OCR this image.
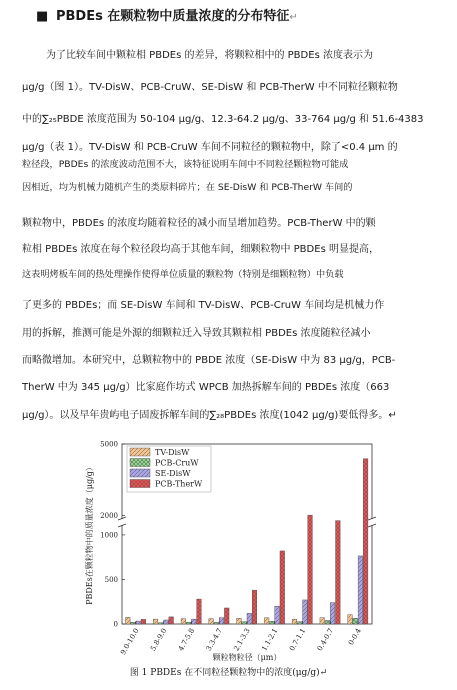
■ PBDEs 在颗粒物中质量浓度的分布特征↵
为了比较车间中颗粒相 PBDEs 的差异，将颗粒相中的 PBDEs 浓度表示为
μg/g（图 1）。TV-DisW、PCB-CruW、SE-DisW 和 PCB-TherW 中不同粒径颗粒物
中的∑₂₅PBDE 浓度范围为 50-104 μg/g、12.3-64.2 μg/g、33-764 μg/g 和 51.6-4383
μg/g（表 1）。TV-DisW 和 PCB-CruW 车间不同粒径的颗粒物中，除了<0.4 μm 的
粒径段，PBDEs 的浓度波动范围不大，该特征说明车间中不同粒径颗粒物可能成
因相近，均为机械力随机产生的类原料碎片；在 SE-DisW 和 PCB-TherW 车间的
颗粒物中，PBDEs 的浓度均随着粒径的减小而呈增加趋势。PCB-TherW 中的颗
粒相 PBDEs 浓度在每个粒径段均高于其他车间，细颗粒物中 PBDEs 明显提高，
这表明烤板车间的热处理操作使得单位质量的颗粒物（特别是细颗粒物）中负载
了更多的 PBDEs；而 SE-DisW 车间和 TV-DisW、PCB-CruW 车间均是机械力作
用的拆解，推测可能是外源的细颗粒迁入导致其颗粒相 PBDEs 浓度随粒径减小
而略微增加。本研究中，总颗粒物中的 PBDE 浓度（SE-DisW 中为 83 μg/g，PCB-
TherW 中为 345 μg/g）比家庭作坊式 WPCB 加热拆解车间的 PBDEs 浓度（663
μg/g）。以及早年贵屿电子固废拆解车间的∑₂₈PBDEs 浓度(1042 μg/g)要低得多。↵
0
500
1000
2000
5000
PBDEs在颗粒物中的质量浓度（μg/g）
9.0-10.0 5.8-9.0 4.7-5.8 3.3-4.7 2.1-3.3 1.1-2.1 0.7-1.1 0.4-0.7 0-0.4
颗粒物粒径（μm）
TV-DisW
PCB-CruW
SE-DisW
PCB-TherW
图 1 PBDEs 在不同粒径颗粒物中的浓度(μg/g)↵
